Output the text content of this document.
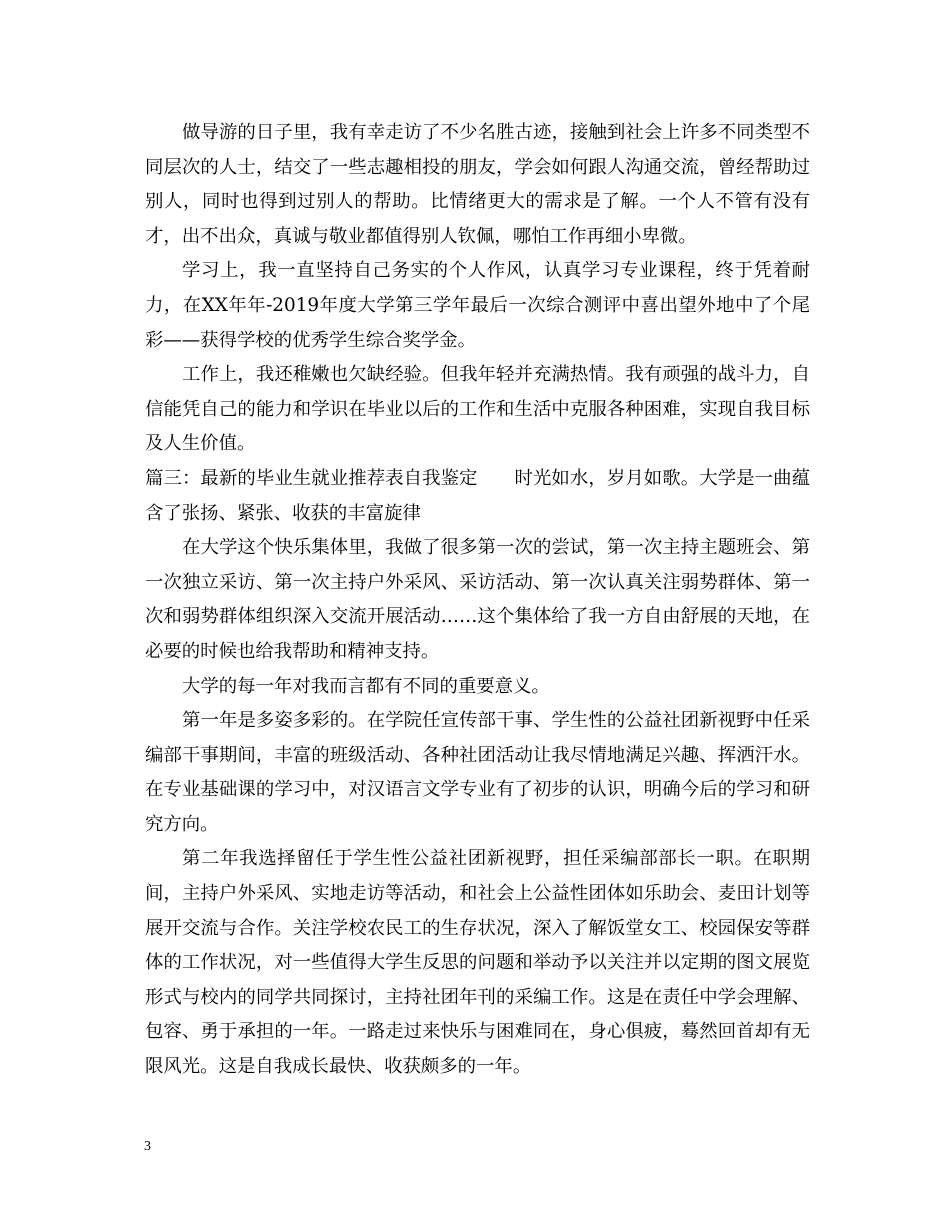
做导游的日子里，我有幸走访了不少名胜古迹，接触到社会上许多不同类型不同层次的人士，结交了一些志趣相投的朋友，学会如何跟人沟通交流，曾经帮助过别人，同时也得到过别人的帮助。比情绪更大的需求是了解。一个人不管有没有才，出不出众，真诚与敬业都值得别人钦佩，哪怕工作再细小卑微。

学习上，我一直坚持自己务实的个人作风，认真学习专业课程，终于凭着耐力，在XX年年-2019年度大学第三学年最后一次综合测评中喜出望外地中了个尾彩——获得学校的优秀学生综合奖学金。

工作上，我还稚嫩也欠缺经验。但我年轻并充满热情。我有顽强的战斗力，自信能凭自己的能力和学识在毕业以后的工作和生活中克服各种困难，实现自我目标及人生价值。

篇三：最新的毕业生就业推荐表自我鉴定　　时光如水，岁月如歌。大学是一曲蕴含了张扬、紧张、收获的丰富旋律

在大学这个快乐集体里，我做了很多第一次的尝试，第一次主持主题班会、第一次独立采访、第一次主持户外采风、采访活动、第一次认真关注弱势群体、第一次和弱势群体组织深入交流开展活动……这个集体给了我一方自由舒展的天地，在必要的时候也给我帮助和精神支持。

大学的每一年对我而言都有不同的重要意义。

第一年是多姿多彩的。在学院任宣传部干事、学生性的公益社团新视野中任采编部干事期间，丰富的班级活动、各种社团活动让我尽情地满足兴趣、挥洒汗水。在专业基础课的学习中，对汉语言文学专业有了初步的认识，明确今后的学习和研究方向。

第二年我选择留任于学生性公益社团新视野，担任采编部部长一职。在职期间，主持户外采风、实地走访等活动，和社会上公益性团体如乐助会、麦田计划等展开交流与合作。关注学校农民工的生存状况，深入了解饭堂女工、校园保安等群体的工作状况，对一些值得大学生反思的问题和举动予以关注并以定期的图文展览形式与校内的同学共同探讨，主持社团年刊的采编工作。这是在责任中学会理解、包容、勇于承担的一年。一路走过来快乐与困难同在，身心俱疲，蓦然回首却有无限风光。这是自我成长最快、收获颇多的一年。

3
